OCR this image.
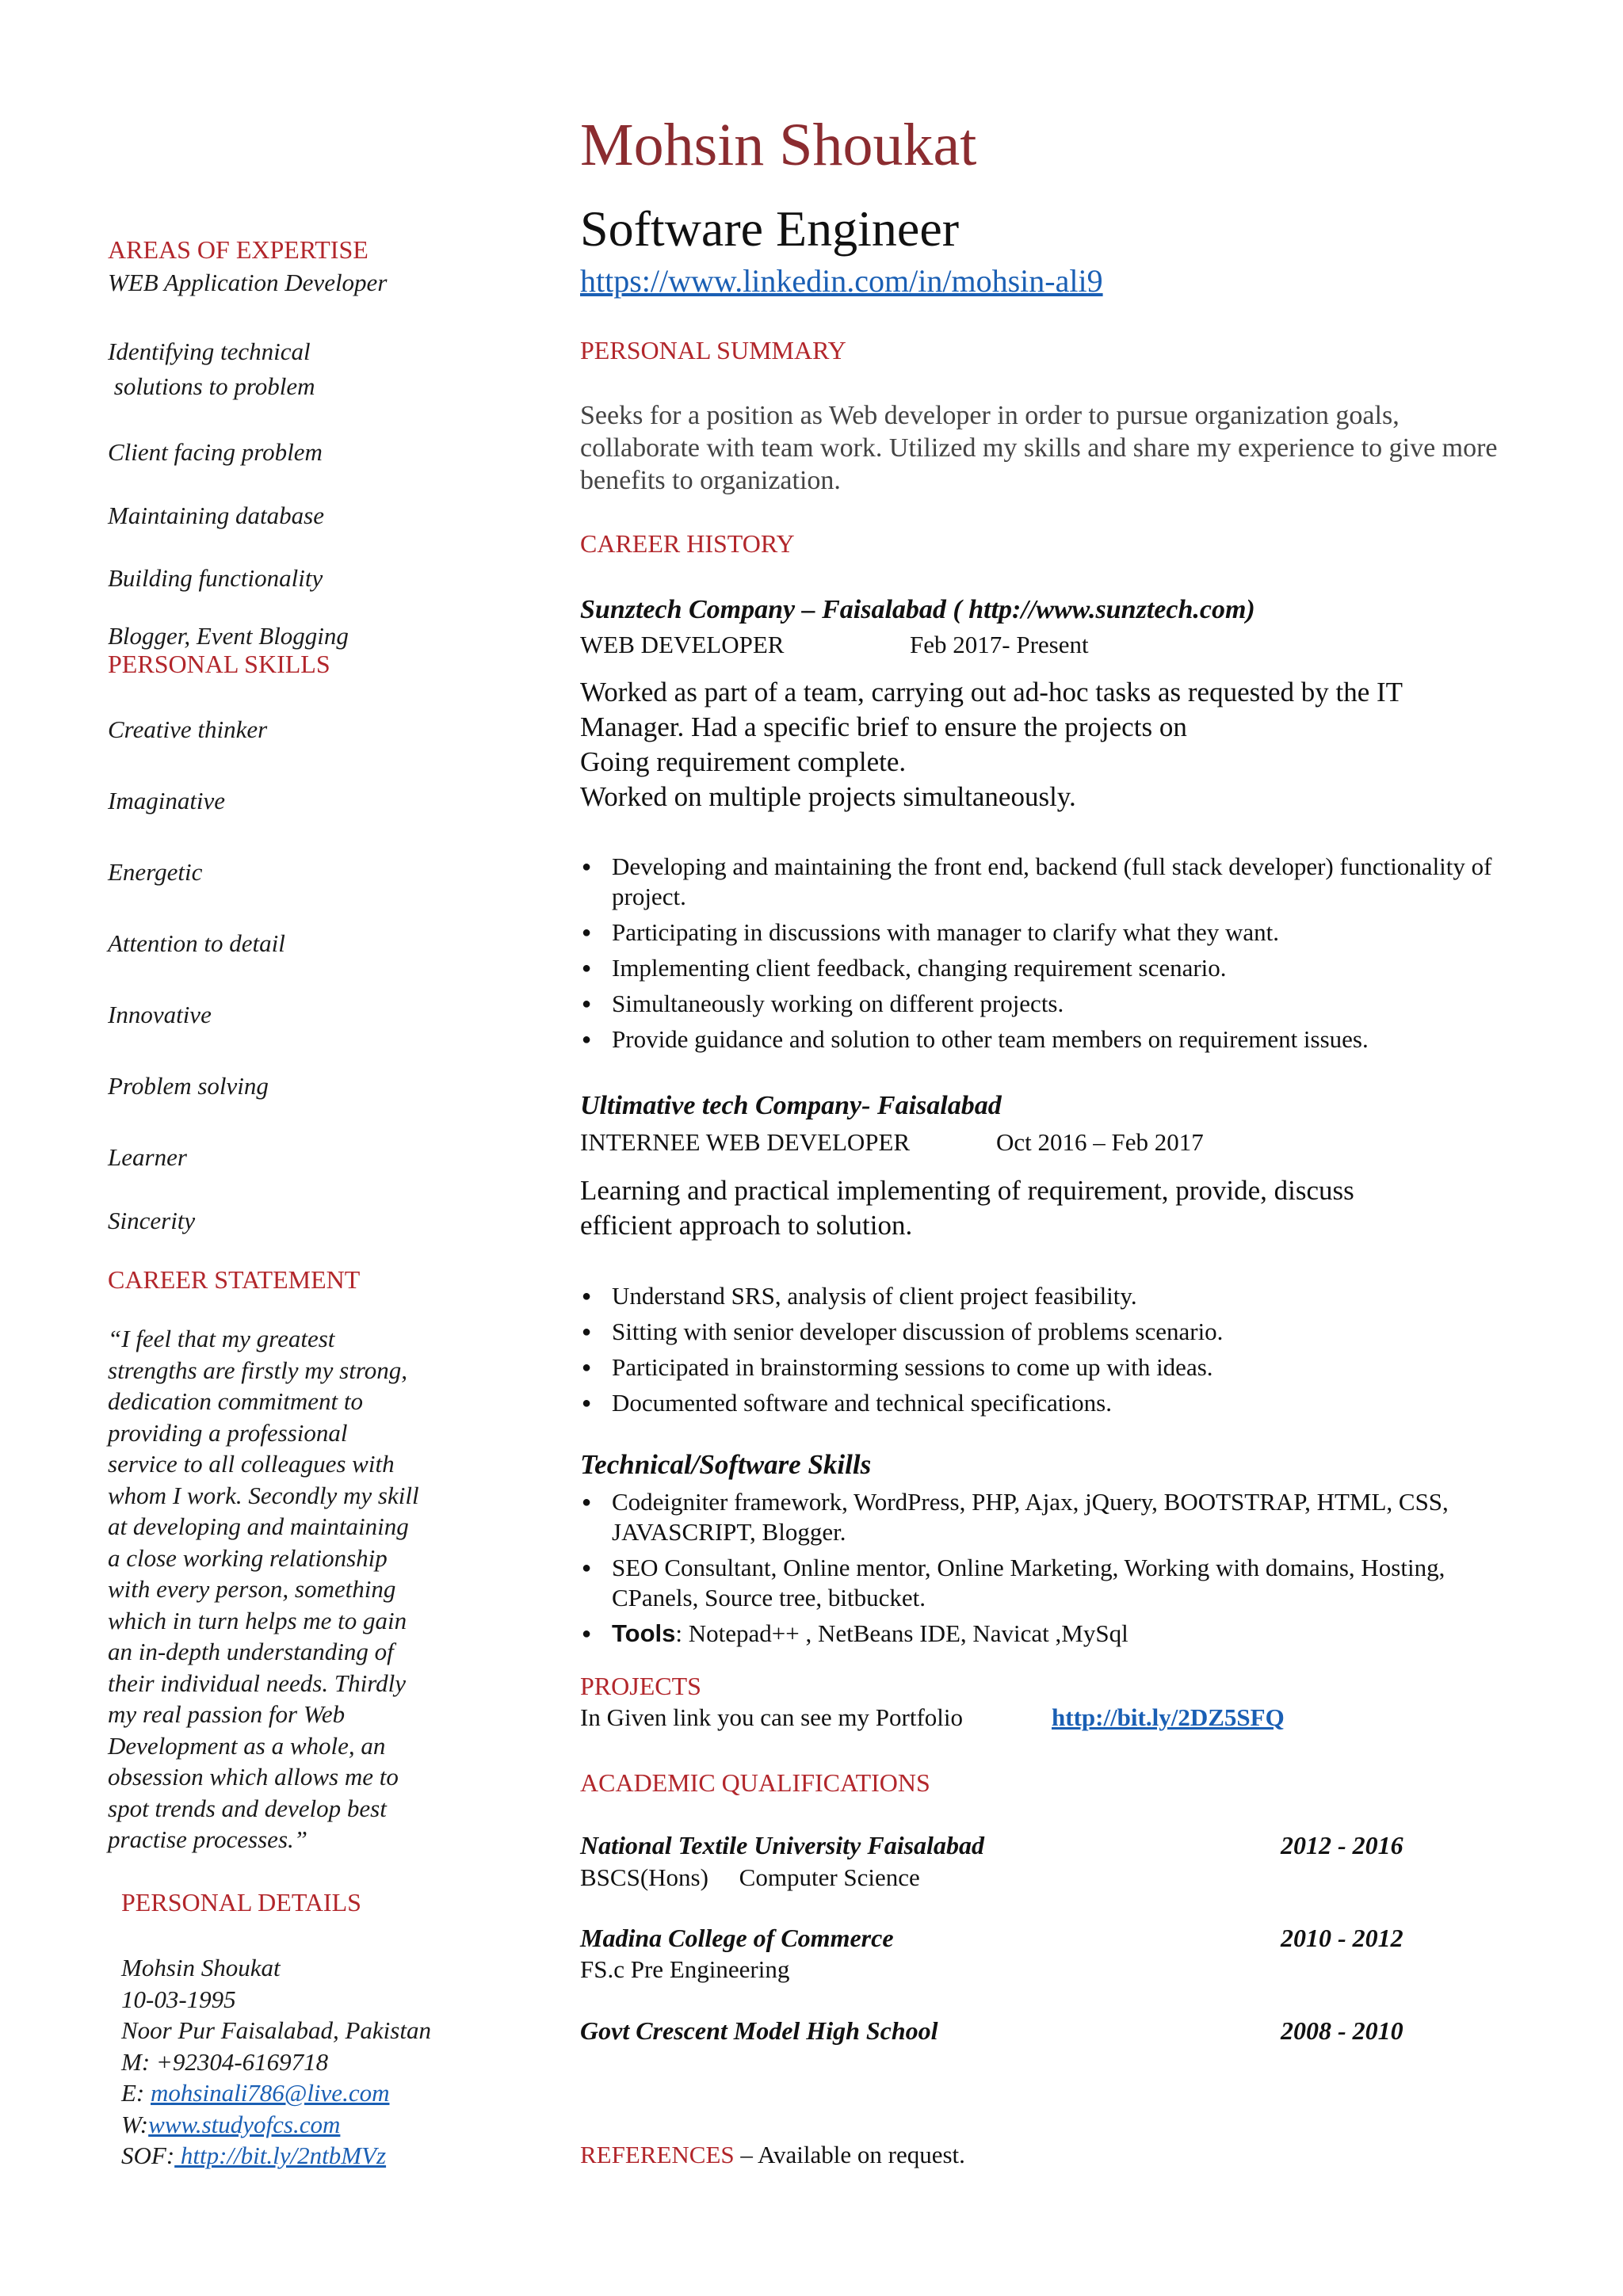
AREAS OF EXPERTISE
WEB Application Developer
Identifying technical
solutions to problem
Client facing problem
Maintaining database
Building functionality
Blogger, Event Blogging
PERSONAL SKILLS
Creative thinker
Imaginative
Energetic
Attention to detail
Innovative
Problem solving
Learner
Sincerity
CAREER STATEMENT
“I feel that my greatest
strengths are firstly my strong,
dedication commitment to
providing a professional
service to all colleagues with
whom I work. Secondly my skill
at developing and maintaining
a close working relationship
with every person, something
which in turn helps me to gain
an in-depth understanding of
their individual needs. Thirdly
my real passion for Web
Development as a whole, an
obsession which allows me to
spot trends and develop best
practise processes.”
PERSONAL DETAILS
Mohsin Shoukat
10-03-1995
Noor Pur Faisalabad, Pakistan
M: +92304-6169718
E: mohsinali786@live.com
W:www.studyofcs.com
SOF: http://bit.ly/2ntbMVz
Mohsin Shoukat
Software Engineer
https://www.linkedin.com/in/mohsin-ali9
PERSONAL SUMMARY
Seeks for a position as Web developer in order to pursue organization goals, collaborate with team work. Utilized my skills and share my experience to give more benefits to organization.
CAREER HISTORY
Sunztech Company – Faisalabad ( http://www.sunztech.com)
WEB DEVELOPER	Feb 2017- Present
Worked as part of a team, carrying out ad-hoc tasks as requested by the IT
Manager. Had a specific brief to ensure the projects on
Going requirement complete.
Worked on multiple projects simultaneously.
● Developing and maintaining the front end, backend (full stack developer) functionality of project.
● Participating in discussions with manager to clarify what they want.
● Implementing client feedback, changing requirement scenario.
● Simultaneously working on different projects.
● Provide guidance and solution to other team members on requirement issues.
Ultimative tech Company- Faisalabad
INTERNEE WEB DEVELOPER	Oct 2016 – Feb 2017
Learning and practical implementing of requirement, provide, discuss
efficient approach to solution.
● Understand SRS, analysis of client project feasibility.
● Sitting with senior developer discussion of problems scenario.
● Participated in brainstorming sessions to come up with ideas.
● Documented software and technical specifications.
Technical/Software Skills
● Codeigniter framework, WordPress, PHP, Ajax, jQuery, BOOTSTRAP, HTML, CSS, JAVASCRIPT, Blogger.
● SEO Consultant, Online mentor, Online Marketing, Working with domains, Hosting, CPanels, Source tree, bitbucket.
● Tools: Notepad++ , NetBeans IDE, Navicat ,MySql
PROJECTS
In Given link you can see my Portfolio	http://bit.ly/2DZ5SFQ
ACADEMIC QUALIFICATIONS
National Textile University Faisalabad	2012 - 2016
BSCS(Hons)     Computer Science
Madina College of Commerce	2010 - 2012
FS.c Pre Engineering
Govt Crescent Model High School	2008 - 2010
REFERENCES – Available on request.
